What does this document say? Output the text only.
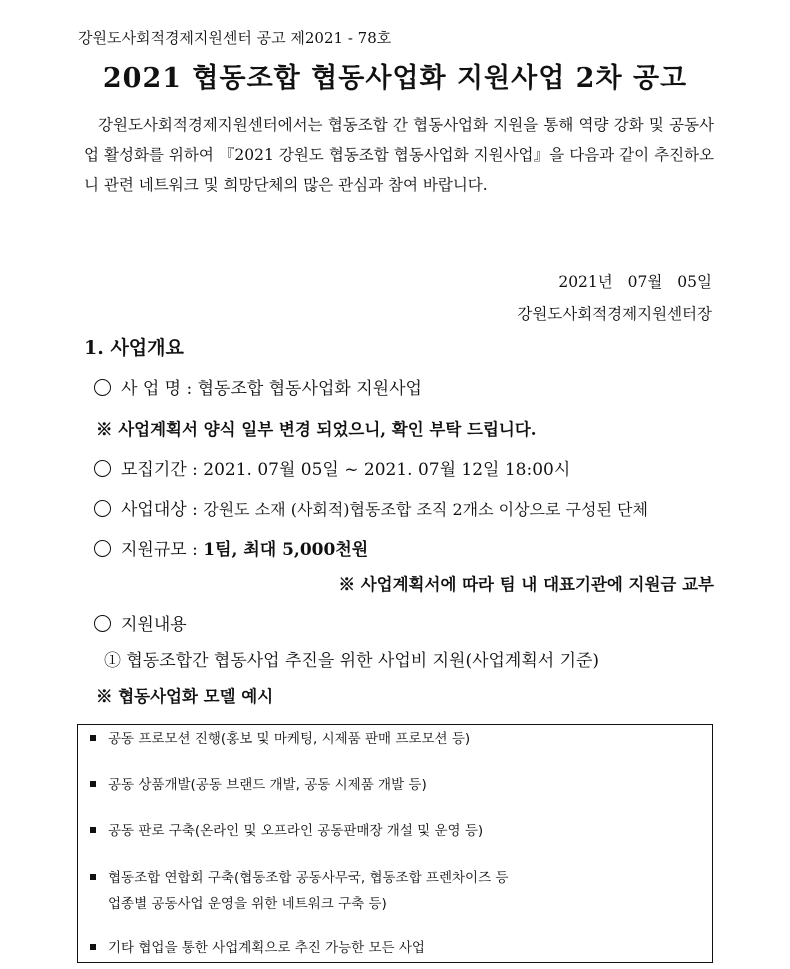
강원도사회적경제지원센터 공고 제2021 - 78호
2021 협동조합 협동사업화 지원사업 2차 공고

강원도사회적경제지원센터에서는 협동조합 간 협동사업화 지원을 통해 역량 강화 및 공동사업 활성화를 위하여 『2021 강원도 협동조합 협동사업화 지원사업』을 다음과 같이 추진하오니 관련 네트워크 및 희망단체의 많은 관심과 참여 바랍니다.

2021년 07월 05일
강원도사회적경제지원센터장
1. 사업개요
사 업 명 : 협동조합 협동사업화 지원사업
※ 사업계획서 양식 일부 변경 되었으니, 확인 부탁 드립니다.
모집기간 : 2021. 07월 05일 ~ 2021. 07월 12일 18:00시
사업대상 : 강원도 소재 (사회적)협동조합 조직 2개소 이상으로 구성된 단체
지원규모 : 1팀, 최대 5,000천원
※ 사업계획서에 따라 팀 내 대표기관에 지원금 교부
지원내용
① 협동조합간 협동사업 추진을 위한 사업비 지원(사업계획서 기준)
※ 협동사업화 모델 예시
공동 프로모션 진행(홍보 및 마케팅, 시제품 판매 프로모션 등)
공동 상품개발(공동 브랜드 개발, 공동 시제품 개발 등)
공동 판로 구축(온라인 및 오프라인 공동판매장 개설 및 운영 등)
협동조합 연합회 구축(협동조합 공동사무국, 협동조합 프렌차이즈 등
업종별 공동사업 운영을 위한 네트워크 구축 등)
기타 협업을 통한 사업계획으로 추진 가능한 모든 사업
